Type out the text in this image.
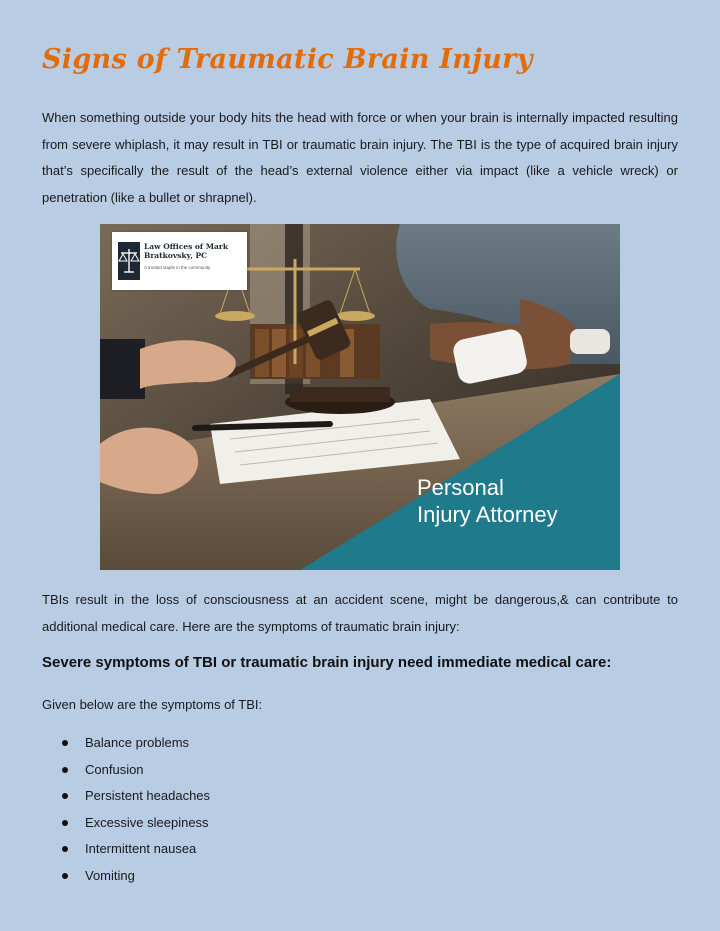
Signs of Traumatic Brain Injury

When something outside your body hits the head with force or when your brain is internally impacted resulting from severe whiplash, it may result in TBI or traumatic brain injury. The TBI is the type of acquired brain injury that’s specifically the result of the head’s external violence either via impact (like a vehicle wreck) or penetration (like a bullet or shrapnel).

Law Offices of Mark Bratkovsky, PC
A trusted staple in the community
Personal
Injury Attorney

TBIs result in the loss of consciousness at an accident scene, might be dangerous,& can contribute to additional medical care. Here are the symptoms of traumatic brain injury:

Severe symptoms of TBI or traumatic brain injury need immediate medical care:

Given below are the symptoms of TBI:

Balance problems
Confusion
Persistent headaches
Excessive sleepiness
Intermittent nausea
Vomiting
